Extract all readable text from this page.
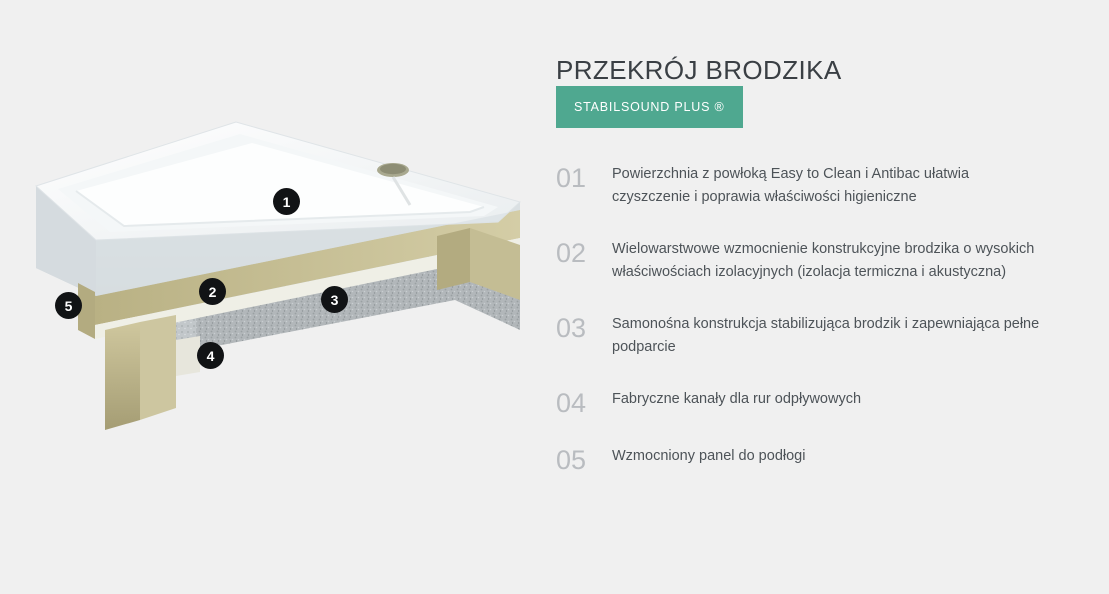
1
2	3
4
5
PRZEKRÓJ BRODZIKA
STABILSOUND PLUS ®
01	Powierzchnia z powłoką Easy to Clean i Antibac ułatwia czyszczenie i poprawia właściwości higieniczne
02	Wielowarstwowe wzmocnienie konstrukcyjne brodzika o wysokich właściwościach izolacyjnych (izolacja termiczna i akustyczna)
03	Samonośna konstrukcja stabilizująca brodzik i zapewniająca pełne podparcie
04	Fabryczne kanały dla rur odpływowych
05	Wzmocniony panel do podłogi
